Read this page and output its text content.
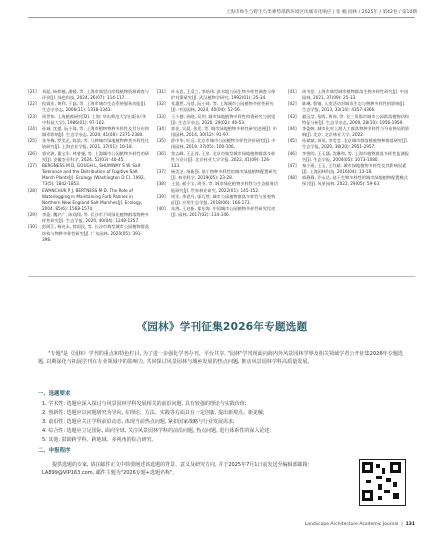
上海市师生与野生鸟类乘势部新环境区风城市化响应 | 张 楠 园林 / 2025年 / 第42卷 / 第10期
[21] 刘起, 杨梓楠, 潘媛, 等. 上海市典型沿岸线植物资源调查与评价[J]. 绿色科技, 2024, 26(07): 114-117.
[22] 侯霖宏, 黄利, 于磊, 等. 上海市城市生态系统服务功能[J]. 生态学杂志, 2006(11): 1338-1343.
[23] 周世伟. 上海植被研究[D]. 上海: 华东师范大学出版社(华中科技大学), 1986(01): 97-102.
[24] 孙诚, 沈援, 阮小琦, 等. 上海市植物物种多样性及其分布和城市影响[J]. 生态学杂志, 2020, 41(08): 2371-2380.
[25] 张冬梅, 罗美艺, 陈浪, 等. 几种城市绿地植物种类多样性比较研究[J]. 上海农业学报, 2021, 37(01): 10-18.
[26] 郭宏波, 董宝军, 林斐斐, 等. 上海城市公园植物多样性的研究[J]. 安徽农业科学, 2024, 52(03): 40-45.
[27] BERGNESS M D, GOUGH L, SHUMWAY S W. Salt Tolerance and the Distribution of Fugitive Salt Marsh Plants[J]. Ecology (Washington D C), 1992, 73(5): 1842-1853.
[28] EWANCHUK P J, BERTNESS M D. The Role of Waterlogging in Maintaining Forb Pannes in Northern New England Salt Marshes[J]. Ecology, 2004, 85(6): 1568-1574.
[29] 李姿, 魏沪广, 陈翊翔, 等. 长沙市不同绿化植物群落物种多样性研究[J]. 生态学报, 2020, 40(04): 1248-1257.
[30] 彭阿江, 杨亮永, 徐国民, 等. 长沙市典型城市公园植物群落结构与物种多样性研究[J]. 广东园林, 2020(05): 391-398.
[31] 叶永忠, 王适之, 李培伟. 滨水地公园生物多样性调查与保护对策研究[J]. 武汉植物学研究, 1992(01): 25-34.
[32] 张惠然, 冯延, 阮小琦, 等. 上海城市公园植物多样性研究[J]. 中国园林, 2024, 40(04): 52-56.
[33] 王小德, 孙晓, 吴剑. 城市绿地植物多样性构建研究与展望[J]. 生态学杂志, 2020, 29(02): 46-53.
[34] 郭佳, 吴晨, 张希, 等. 城市绿地植物多样性研究进展[J]. 中国园林, 2014, 30(12): 91-97.
[35] 薛中华, 叶远. 北京市城市公园植物多样性评价研究[J]. 中国园林, 2019, 37(05): 100-106.
[36] 荣志峰, 王正涛, 王泉. 北京市典型城市绿地植物群落多样性与设计[J]. 北京林业大学学报, 2022, 41(09): 126-133.
[37] 杨美芝, 汤新强. 基于物种多样性的城市绿地植物配置研究[J]. 林业科学, 2019(05): 23-28.
[38] 王贤, 郝小宝, 周亚, 等. 城市绿化植物多样性与生态服务功能研究[J]. 世界林业研究, 2022(01): 145-152.
[39] 周军, 李思丹, 邬巧然. 城市公园植物群落多样性与景观特征[J]. 应用生态学报, 2018(06): 166-173.
[40] 朱海, 王启新, 郑东海. 中国城市公园植物多样性研究综述[J]. 园林, 2017(02): 134-146.
[41] 周书佳. 上海市典型城市植物群落生物多样性研究[J]. 中国园林, 2021, 37(09): 25-33.
[42] 陈琳, 鲁钿. 人类活动对城市生态与物种多样性的影响[J]. 生态学报, 2013, 33(14): 4357-4366.
[43] 翁远莹, 张晖, 黄伟, 等. 长三角都市城市公园群落植物结构特征分析[J]. 生态学杂志, 2009, 28(10): 1956-1959.
[44] 李姿婉. 城市化对上海人工群落物种多样性与分布格局的影响[J]. 北京: 北京林业大学, 2022.
[45] 孙斌斌, 周英, 李莹莹. 北京城市群落植被物种群落研究[J]. 生态学报, 2020, 38(20): 2951-2957.
[46] 李悦明, 王玉涵, 沈琳和, 等. 上海市植物群落多样性监测报告[J]. 生态学报, 2004(05): 1073-1080.
[47] 秦小燕, 王玉, 王红斌. 城市绿地植物多样性及其影响因素[J]. 上海园林科技, 2016(04): 13-18.
[48] 郭静静, 乔永达. 基于生物多样性的城市绿地植物配置模式探讨[J]. 风景园林, 2022, 29(05): 59-63.
《园林》学刊征集2026年专题选题
"专题"是《园林》学刊的重点和特色栏目, 为了进一步强化学刊办刊、平台共享, "园林"学刊现面向海内外风景园林学界及相关领域学者公开征集2026年专题选题, 以期深化与拓展学刊在专业领域中的影响力, 共同探讨风景园林与城乡发展的热点问题, 推动风景园林学科高质量发展。
一、选题要求
1. 学术性: 选题应深入探讨与风景园林学科发展相关的前沿问题, 具有较强的理论与实践价值;
2. 创新性: 选题应以问题研究为导向, 在理论、方法、实践等方面具有一定创新, 提出新观点、新见解;
3. 前沿性: 选题应关注学科前沿动态, 体现当前热点问题, 紧扣国家战略与行业发展需求;
4. 综合性: 选题应立足国际, 面向全球, 关注风景园林学科的前沿问题, 热点问题, 进行体系性的深入论述;
5. 其他: 鼓励跨学科、跨地域、多视角的综合研究。
二、申报程序
提供选题的专家, 请在邮件正文中简要阐述该选题的背景、意义及研究方向, 并于2025年7月1日前发送至编辑部邮箱: LA899@VIP163.com, 邮件主题为"2026专题+选题名称"。
Landscape Architecture Academic Journal  |  131
